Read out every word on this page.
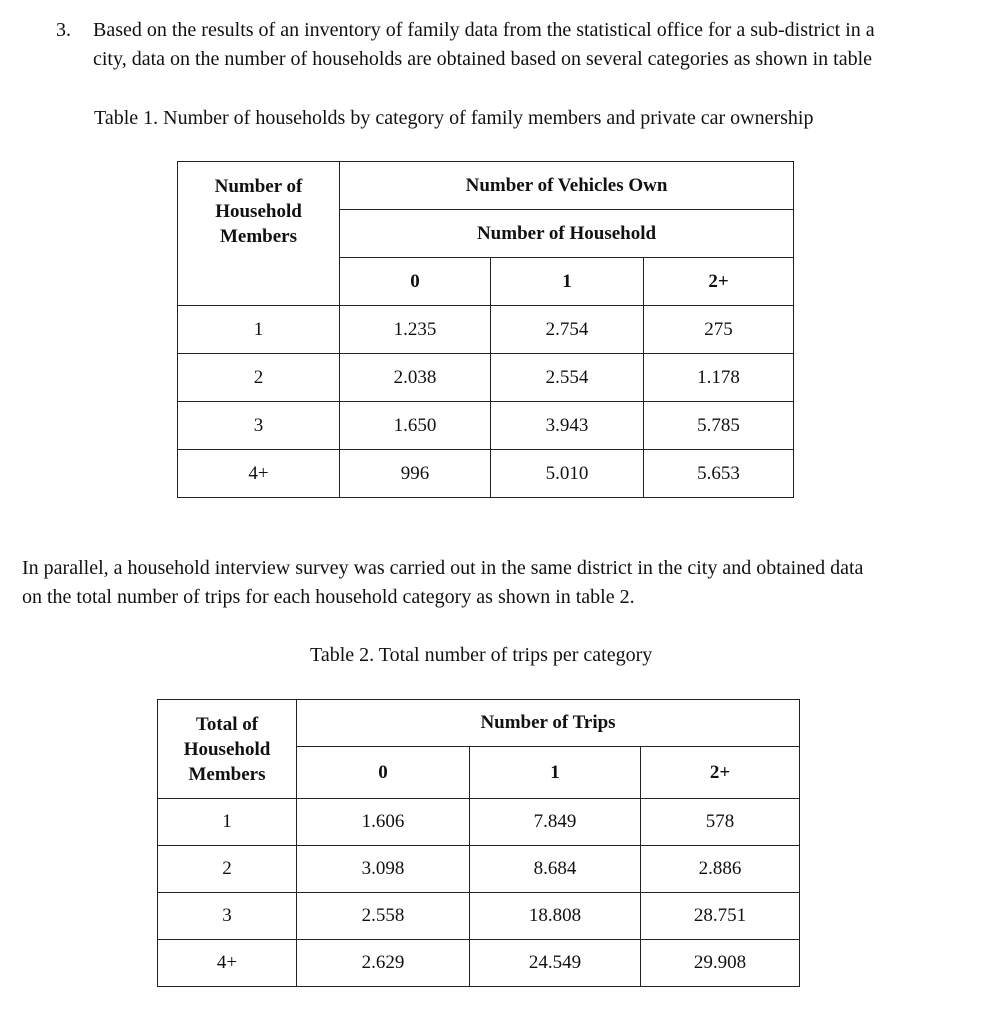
3. Based on the results of an inventory of family data from the statistical office for a sub-district in a
city, data on the number of households are obtained based on several categories as shown in table
Table 1. Number of households by category of family members and private car ownership
Number of
Household
Members	Number of Vehicles Own		
	Number of Household		
	0	1	2+
1	1.235	2.754	275
2	2.038	2.554	1.178
3	1.650	3.943	5.785
4+	996	5.010	5.653
In parallel, a household interview survey was carried out in the same district in the city and obtained data
on the total number of trips for each household category as shown in table 2.
Table 2. Total number of trips per category
Total of
Household
Members	Number of Trips		
	0	1	2+
1	1.606	7.849	578
2	3.098	8.684	2.886
3	2.558	18.808	28.751
4+	2.629	24.549	29.908
